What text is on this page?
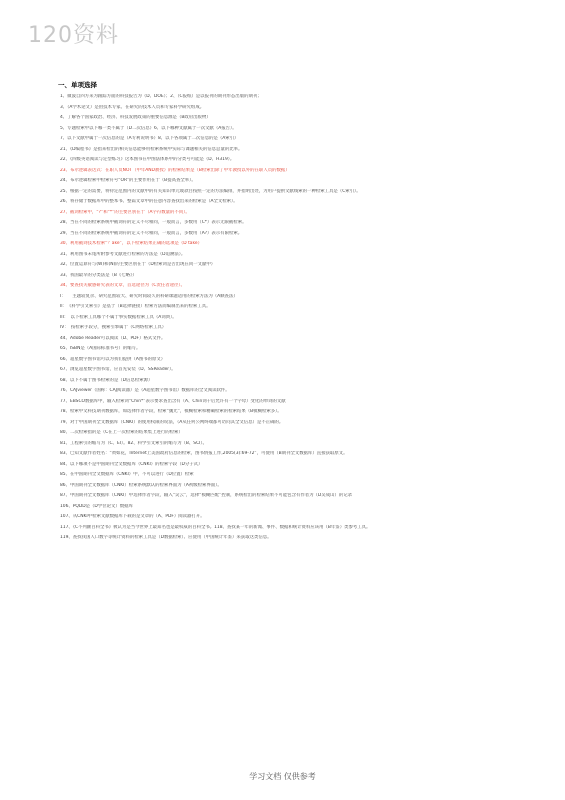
120资料
一、单项选择
1、微波自四方来为跟踪方面的科技报告为（D、DOE）；2、（C报纸）是以报刊的期刊形态出版的期刊；
3、（A学术论文）是由技术专家、在研究的技术人员和专家科学研究组成。
4、了解各个国家政治、经济、科技发展政策的重要信息源是（B政府出版物）
5、专题检索中以下哪一类不属于（D二次信息）6、以下哪种文献属于一次文献（A报告）。
7、以下文献中属于一次信息的是（A专利说明书）8、以下各项属于二次信息的是（A索引）
21、《D编程书》是指来检出的相关信息能够用检索系统中实际与课题相关的信息总量的比率。
22、《四级英语阅读与定型练习》这本图书在中图法体系中的分类号可能是（D、H319）。
23、布尔逻辑表达式：在职人员NOT（中年AND教授）的检索结果是（B检索出除了中年教授以外的在职人员的数据）
24、布尔逻辑检索中检索符号“OR”的主要作用在于（B提高查全率）。
25、根据一定的需要，将特定范围内的文献中的有关知识单元或款目按照一定的方法编排，并指明出处，为用户提供文献线索的一种检索工具是（C索引）。
26、将存储于数据库中的整本书、整篇文章中的任意内容查找出来的检索是（A全文检索）。
27、截词检索中，“?”和“*”的主要区别在于（A字符数量的不同）。
28、当在不同的检索系统中截词符的定义不尽相同，一般而言，多数用（C*）表示无限截检索。
29、当在不同的检索系统中截词符的定义不尽相同，一般而言，多数用（A?）表示有限检索。
30、利用截词技术检索“？ake”，以下检索结果正确的选项是（D take）
31、利用图书末尾所附参考文献进行检索的方法是（D追溯法）。
32、位置运算符与(W)和(N)的主要区别在于（D检索词是否出现在同一文献中）
33、我国最早的分类法是（B《七略》）
34、要查找关敏感研究表的文章，首选途径为（C责任者途径）。
I：　　主题较复杂、研究范围较大、研究时间较久的科研课题适用的检索方法为（A顺查法）
II：　《科学引文索引》是基于（B选择链接）检索方法而编制出来的检索工具。
III：　以下检索工具哪个不属于事实数据检索工具（A词典）。
IV：　按检索手段分，搜索引擎属于（C网络检索工具）
44、Adobe Reader可以阅读（D、PDF）格式文件。
65、ISBN是（A国际标准书号）的缩写。
66、超星数字图书馆可以为我们提供（A图书的原文）
67、浏览超星数字图书馆，应首先安装（D、SSReader）。
68、以下不属于图书检索的是（D信息检索源）
76、CAJviewer（国称：CAJ阅读器）是（A超星数字图书馆）数据库的全文阅读软件。
77、EBSCO数据库中，输入检索词“Chin*”表示要求查出含有（A、Chin词干后允许有一个字母）变化的单词的文献
78、检索中文科技期刊数据库，如选择作者字段，检索“魏光”，模糊检索和精确检索的检索结果（B模糊检索多）。
79、对于中国期刊全文数据库（CNKI）的使用权限的说法，（A从任何公网终端都可访问其全文信息）是不正确的。
80、二次检索指的是（C在上一次检索的结果集上进行的检索）
81、工程索引的缩写为（C、EI）。82、科学引文索引的缩写为（B、SCI）。
83、已知文献作者姓名：“黄如花，Internet上美国政府信息的检索，图书情报工作,2005(3):69-72”，可使用（B期刊全文数据库）直接获取原文。
84、以下哪项不是中国期刊全文数据库（CNKI）的检索字段（D分子式）
85、在中国期刊全文数据库（CNKI）中，不可以进行（D位置）检索
86、中国期刊全文数据库（CNKI）检索系统默认的检索界面为（A初级检索界面）。
87、中国期刊全文数据库（CNKI）中选择作者字段，输入“吴云”，选择“模糊匹配”控制，系统检出的检索结果不可能包含有作者为（D吴成山）的记录
106、PQDD是（D学位论文）数据库
107、从CNKI中检索文献数据库下载的是文章的（A、PDF）阅读器打开。
117、《C不列颠百科全书》被认为是当今世界上最知名也是最权威的百科全书。118、查找某一年的新闻、事件、数据和统计资料应该用（B年鉴）类参考工具。
119、查找我国人口数字等统计资料的检索工具是（D数据检索）、应使用（中国统计年鉴）来获取这类信息。
学习文档 仅供参考
